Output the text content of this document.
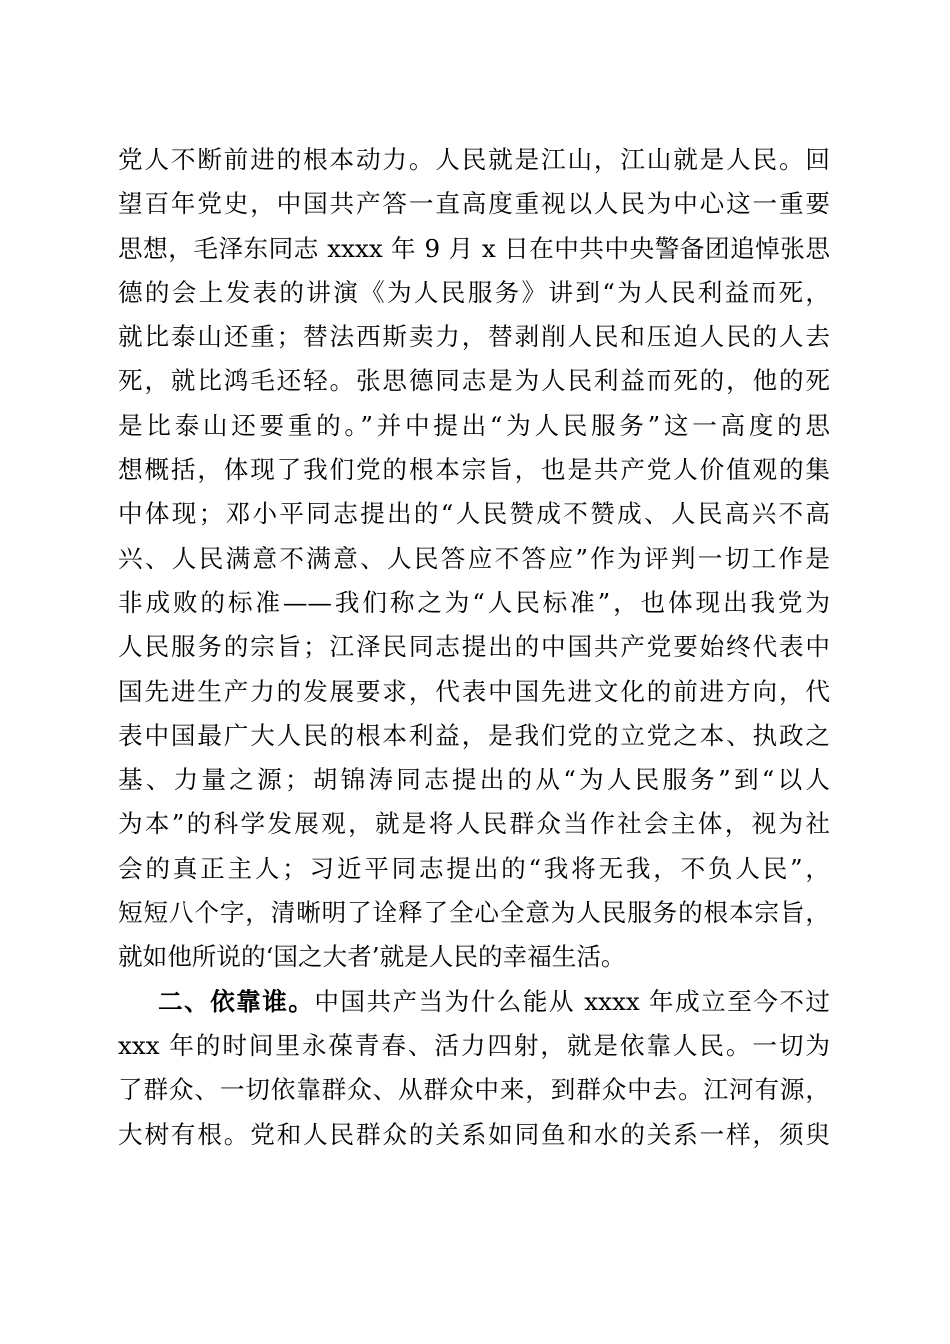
党人不断前进的根本动力。人民就是江山，江山就是人民。回
望百年党史，中国共产答一直高度重视以人民为中心这一重要
思想，毛泽东同志 xxxx 年 9 月 x 日在中共中央警备团追悼张思
德的会上发表的讲演《为人民服务》讲到“为人民利益而死，
就比泰山还重；替法西斯卖力，替剥削人民和压迫人民的人去
死，就比鸿毛还轻。张思德同志是为人民利益而死的，他的死
是比泰山还要重的。”并中提出“为人民服务”这一高度的思
想概括，体现了我们党的根本宗旨，也是共产党人价值观的集
中体现；邓小平同志提出的“人民赞成不赞成、人民高兴不高
兴、人民满意不满意、人民答应不答应”作为评判一切工作是
非成败的标准——我们称之为“人民标准”，也体现出我党为
人民服务的宗旨；江泽民同志提出的中国共产党要始终代表中
国先进生产力的发展要求，代表中国先进文化的前进方向，代
表中国最广大人民的根本利益，是我们党的立党之本、执政之
基、力量之源；胡锦涛同志提出的从“为人民服务”到“以人
为本”的科学发展观，就是将人民群众当作社会主体，视为社
会的真正主人；习近平同志提出的“我将无我，不负人民”，
短短八个字，清晰明了诠释了全心全意为人民服务的根本宗旨，
就如他所说的‘国之大者’就是人民的幸福生活。
二、依靠谁。中国共产当为什么能从 xxxx 年成立至今不过
xxx 年的时间里永葆青春、活力四射，就是依靠人民。一切为
了群众、一切依靠群众、从群众中来，到群众中去。江河有源，
大树有根。党和人民群众的关系如同鱼和水的关系一样，须臾
